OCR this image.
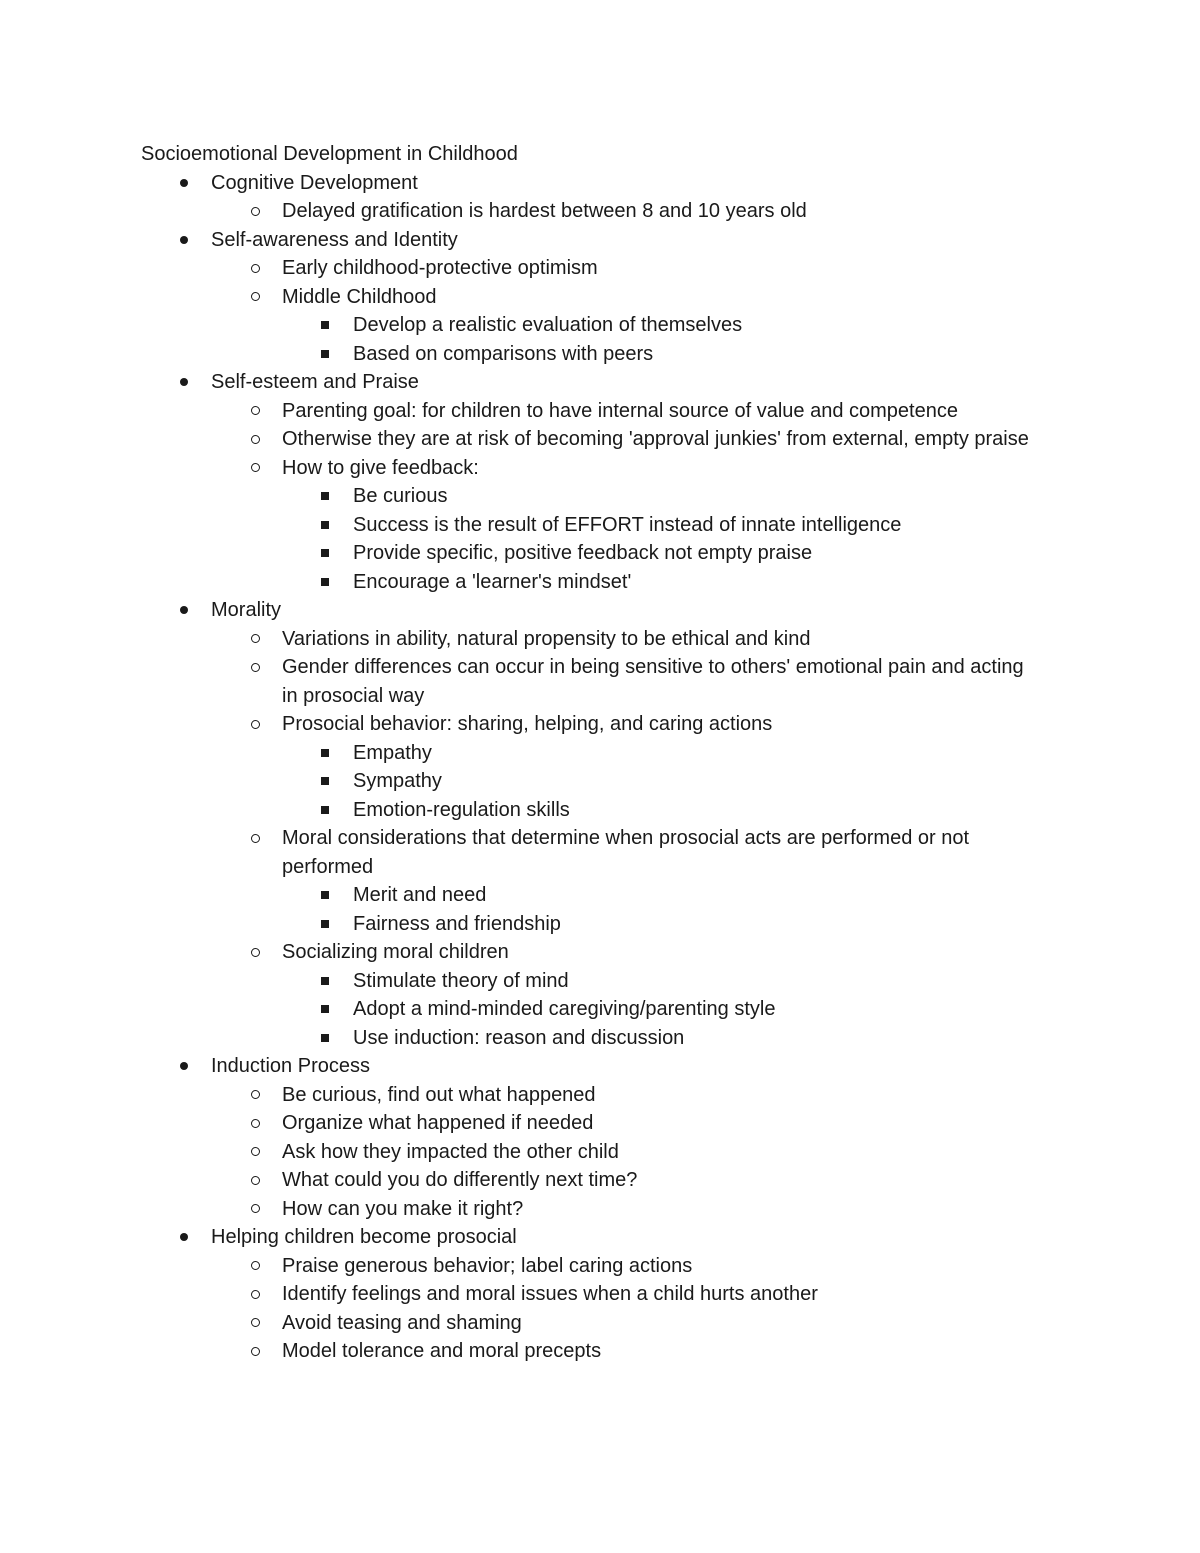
Socioemotional Development in Childhood
Cognitive Development
Delayed gratification is hardest between 8 and 10 years old
Self-awareness and Identity
Early childhood-protective optimism
Middle Childhood
Develop a realistic evaluation of themselves
Based on comparisons with peers
Self-esteem and Praise
Parenting goal: for children to have internal source of value and competence
Otherwise they are at risk of becoming 'approval junkies' from external, empty praise
How to give feedback:
Be curious
Success is the result of EFFORT instead of innate intelligence
Provide specific, positive feedback not empty praise
Encourage a 'learner's mindset'
Morality
Variations in ability, natural propensity to be ethical and kind
Gender differences can occur in being sensitive to others' emotional pain and acting in prosocial way
Prosocial behavior: sharing, helping, and caring actions
Empathy
Sympathy
Emotion-regulation skills
Moral considerations that determine when prosocial acts are performed or not performed
Merit and need
Fairness and friendship
Socializing moral children
Stimulate theory of mind
Adopt a mind-minded caregiving/parenting style
Use induction: reason and discussion
Induction Process
Be curious, find out what happened
Organize what happened if needed
Ask how they impacted the other child
What could you do differently next time?
How can you make it right?
Helping children become prosocial
Praise generous behavior; label caring actions
Identify feelings and moral issues when a child hurts another
Avoid teasing and shaming
Model tolerance and moral precepts
